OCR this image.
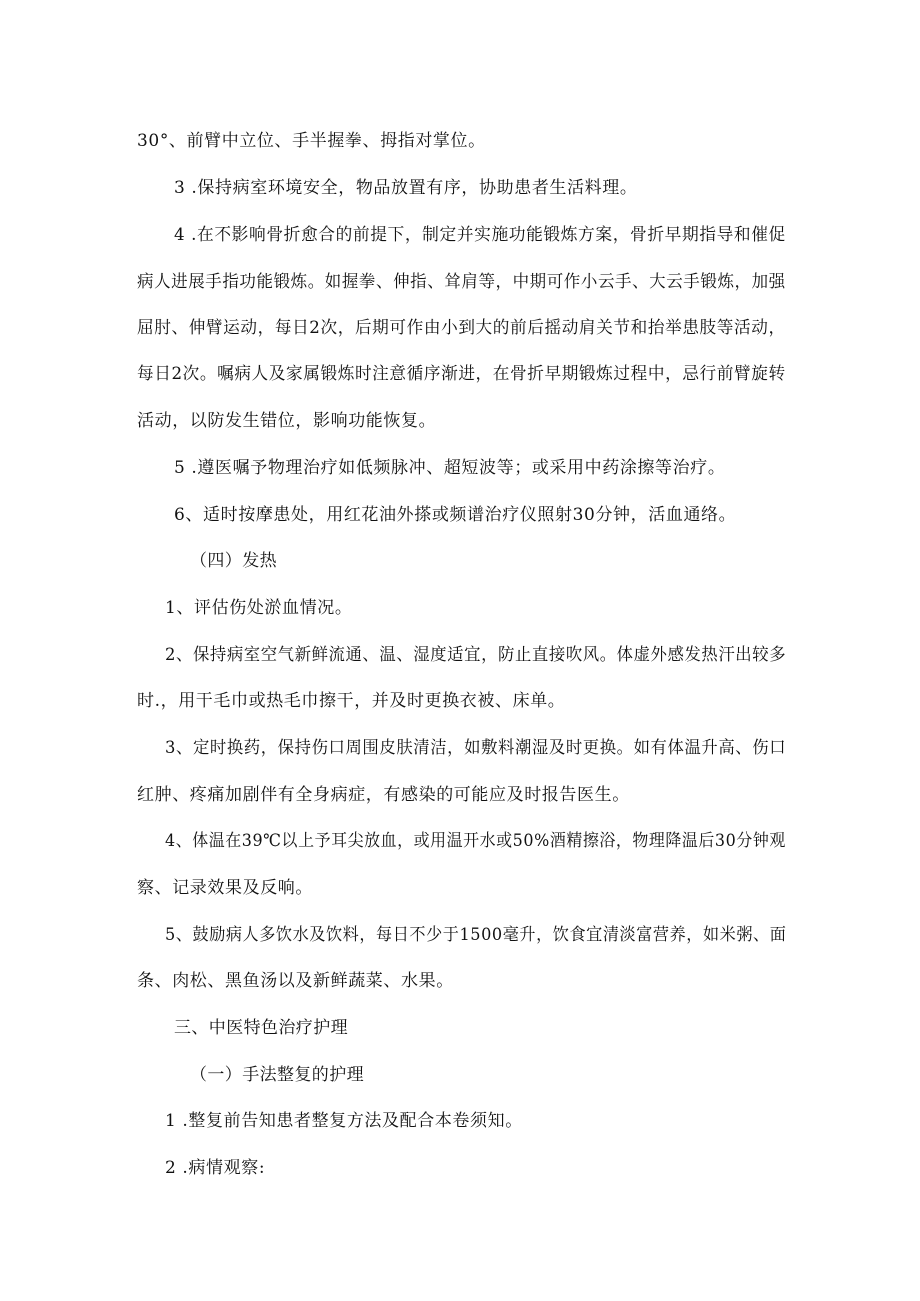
30°、前臂中立位、手半握拳、拇指对掌位。

3 .保持病室环境安全，物品放置有序，协助患者生活料理。

4 .在不影响骨折愈合的前提下，制定并实施功能锻炼方案，骨折早期指导和催促

病人进展手指功能锻炼。如握拳、伸指、耸肩等，中期可作小云手、大云手锻炼，加强

屈肘、伸臂运动，每日2次，后期可作由小到大的前后摇动肩关节和抬举患肢等活动，

每日2次。嘱病人及家属锻炼时注意循序渐进，在骨折早期锻炼过程中，忌行前臂旋转

活动，以防发生错位，影响功能恢复。

5 .遵医嘱予物理治疗如低频脉冲、超短波等；或采用中药涂擦等治疗。

6、适时按摩患处，用红花油外搽或频谱治疗仪照射30分钟，活血通络。

（四）发热

1、评估伤处淤血情况。

2、保持病室空气新鲜流通、温、湿度适宜，防止直接吹风。体虚外感发热汗出较多

时.，用干毛巾或热毛巾擦干，并及时更换衣被、床单。

3、定时换药，保持伤口周围皮肤清洁，如敷料潮湿及时更换。如有体温升高、伤口

红肿、疼痛加剧伴有全身病症，有感染的可能应及时报告医生。

4、体温在39℃以上予耳尖放血，或用温开水或50%酒精擦浴，物理降温后30分钟观

察、记录效果及反响。

5、鼓励病人多饮水及饮料，每日不少于1500毫升，饮食宜清淡富营养，如米粥、面

条、肉松、黑鱼汤以及新鲜蔬菜、水果。

三、中医特色治疗护理

（一）手法整复的护理

1 .整复前告知患者整复方法及配合本卷须知。

2 .病情观察:
